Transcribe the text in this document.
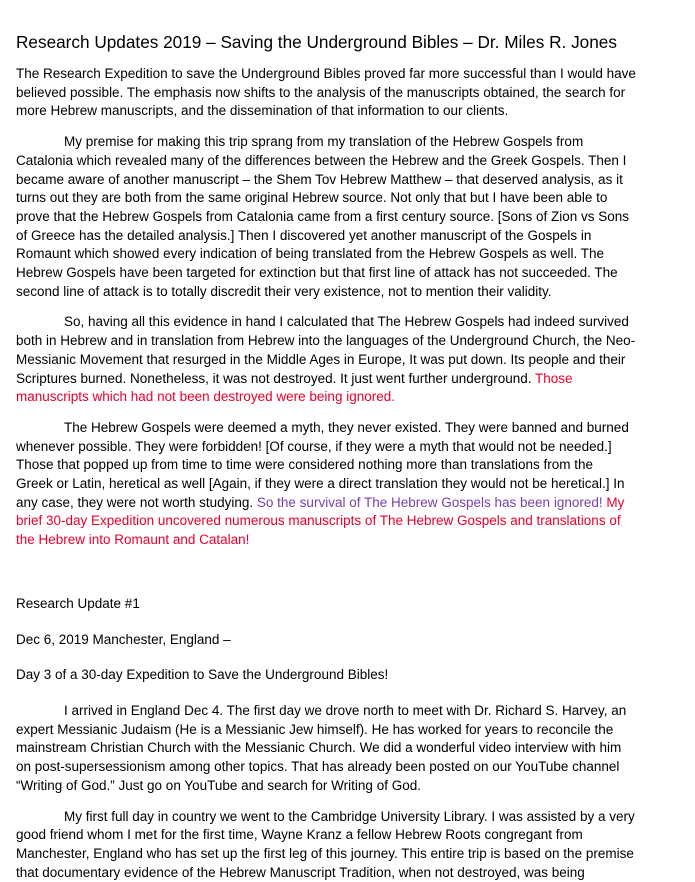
Research Updates 2019 – Saving the Underground Bibles – Dr. Miles R. Jones
The Research Expedition to save the Underground Bibles proved far more successful than I would have
believed possible. The emphasis now shifts to the analysis of the manuscripts obtained, the search for
more Hebrew manuscripts, and the dissemination of that information to our clients.
My premise for making this trip sprang from my translation of the Hebrew Gospels from
Catalonia which revealed many of the differences between the Hebrew and the Greek Gospels. Then I
became aware of another manuscript – the Shem Tov Hebrew Matthew – that deserved analysis, as it
turns out they are both from the same original Hebrew source. Not only that but I have been able to
prove that the Hebrew Gospels from Catalonia came from a first century source. [Sons of Zion vs Sons
of Greece has the detailed analysis.] Then I discovered yet another manuscript of the Gospels in
Romaunt which showed every indication of being translated from the Hebrew Gospels as well. The
Hebrew Gospels have been targeted for extinction but that first line of attack has not succeeded. The
second line of attack is to totally discredit their very existence, not to mention their validity.
So, having all this evidence in hand I calculated that The Hebrew Gospels had indeed survived
both in Hebrew and in translation from Hebrew into the languages of the Underground Church, the Neo-
Messianic Movement that resurged in the Middle Ages in Europe, It was put down. Its people and their
Scriptures burned. Nonetheless, it was not destroyed. It just went further underground. Those
manuscripts which had not been destroyed were being ignored.
The Hebrew Gospels were deemed a myth, they never existed. They were banned and burned
whenever possible. They were forbidden! [Of course, if they were a myth that would not be needed.]
Those that popped up from time to time were considered nothing more than translations from the
Greek or Latin, heretical as well [Again, if they were a direct translation they would not be heretical.] In
any case, they were not worth studying. So the survival of The Hebrew Gospels has been ignored! My
brief 30-day Expedition uncovered numerous manuscripts of The Hebrew Gospels and translations of
the Hebrew into Romaunt and Catalan!
Research Update #1
Dec 6, 2019 Manchester, England –
Day 3 of a 30-day Expedition to Save the Underground Bibles!
I arrived in England Dec 4. The first day we drove north to meet with Dr. Richard S. Harvey, an
expert Messianic Judaism (He is a Messianic Jew himself). He has worked for years to reconcile the
mainstream Christian Church with the Messianic Church. We did a wonderful video interview with him
on post-supersessionism among other topics. That has already been posted on our YouTube channel
“Writing of God.” Just go on YouTube and search for Writing of God.
My first full day in country we went to the Cambridge University Library. I was assisted by a very
good friend whom I met for the first time, Wayne Kranz a fellow Hebrew Roots congregant from
Manchester, England who has set up the first leg of this journey. This entire trip is based on the premise
that documentary evidence of the Hebrew Manuscript Tradition, when not destroyed, was being
